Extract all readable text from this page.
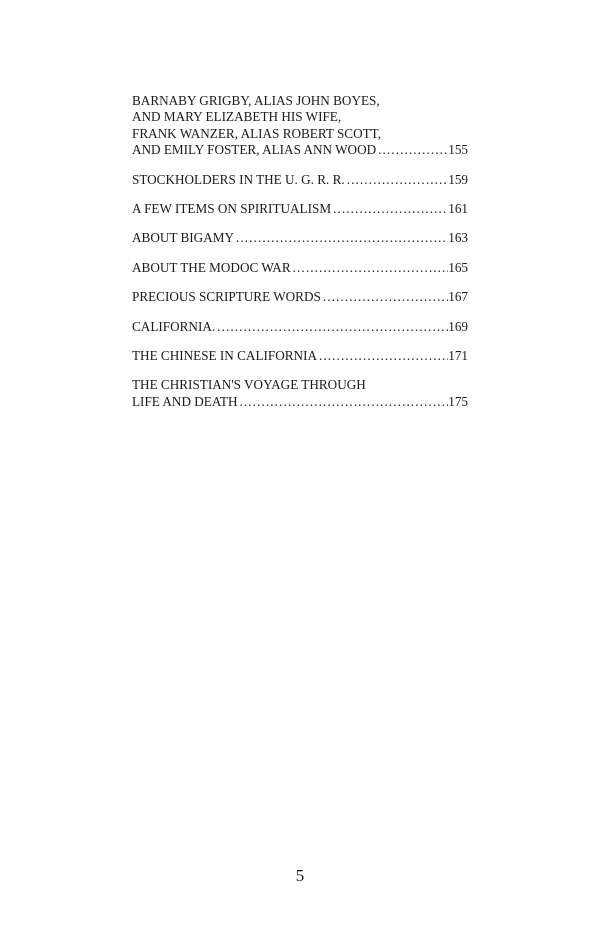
BARNABY GRIGBY, ALIAS JOHN BOYES,
AND MARY ELIZABETH HIS WIFE,
FRANK WANZER, ALIAS ROBERT SCOTT,
AND EMILY FOSTER, ALIAS ANN WOOD . . .	155
STOCKHOLDERS IN THE U. G. R. R. . . .	159
A FEW ITEMS ON SPIRITUALISM . . .	161
ABOUT BIGAMY . . .	163
ABOUT THE MODOC WAR . . .	165
PRECIOUS SCRIPTURE WORDS . . .	167
CALIFORNIA. . . .	169
THE CHINESE IN CALIFORNIA . . .	171
THE CHRISTIAN'S VOYAGE THROUGH
LIFE AND DEATH . . .	175
5
